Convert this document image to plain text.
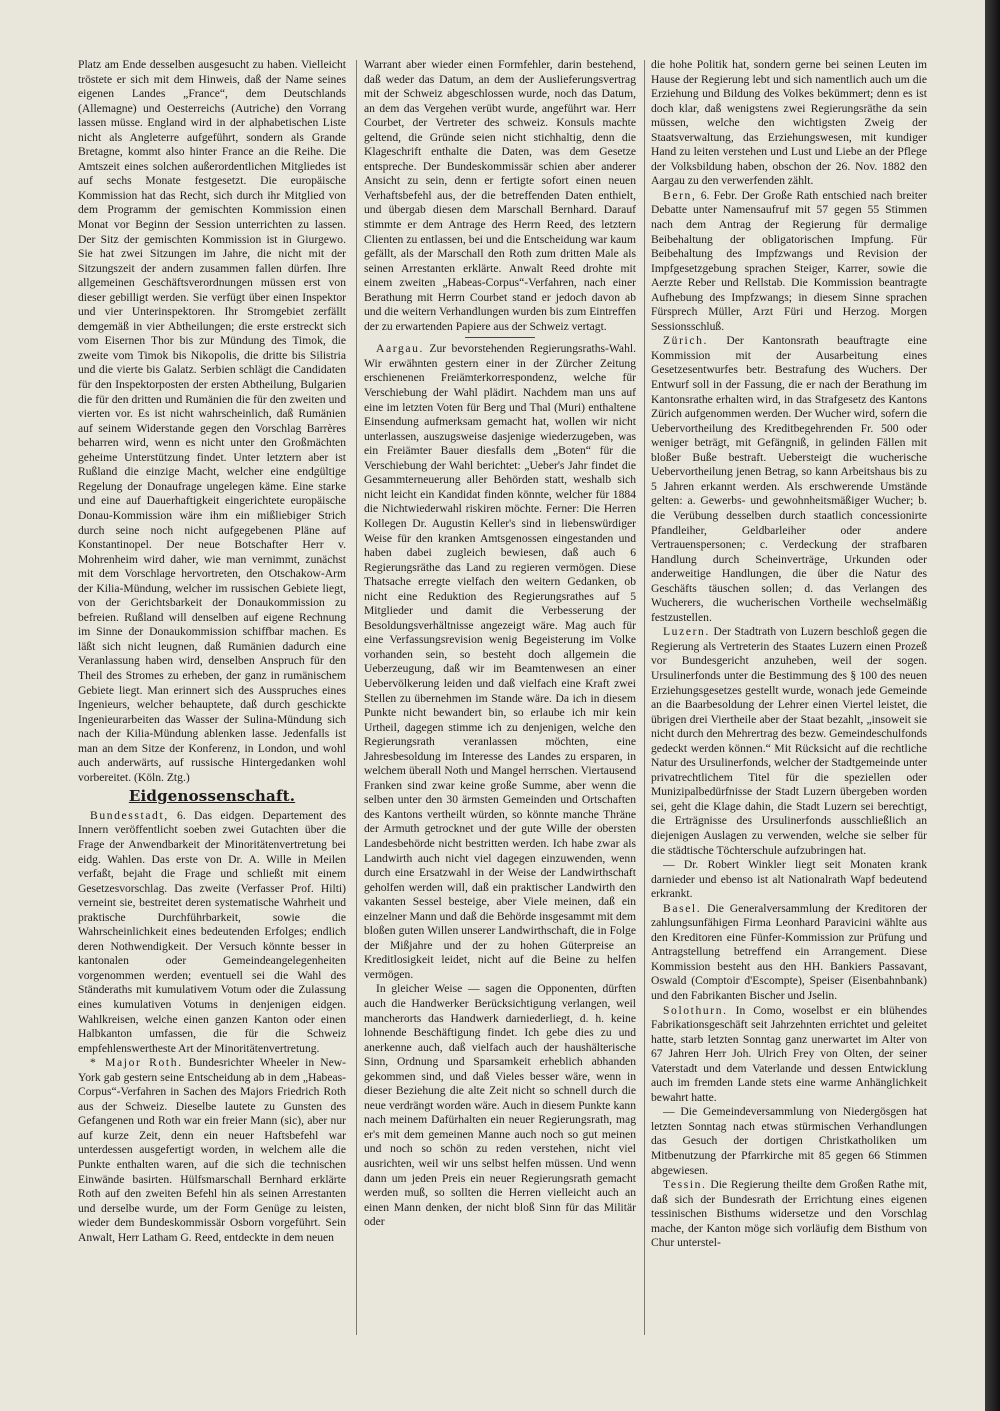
Platz am Ende desselben ausgesucht zu haben. Vielleicht tröstete er sich mit dem Hinweis, daß der Name seines eigenen Landes „France“, dem Deutschlands (Allemagne) und Oesterreichs (Autriche) den Vorrang lassen müsse. England wird in der alphabetischen Liste nicht als Angleterre aufgeführt, sondern als Grande Bretagne, kommt also hinter France an die Reihe. Die Amtszeit eines solchen außerordentlichen Mitgliedes ist auf sechs Monate festgesetzt. Die europäische Kommission hat das Recht, sich durch ihr Mitglied von dem Programm der gemischten Kommission einen Monat vor Beginn der Session unterrichten zu lassen. Der Sitz der gemischten Kommission ist in Giurgewo. Sie hat zwei Sitzungen im Jahre, die nicht mit der Sitzungszeit der andern zusammen fallen dürfen. Ihre allgemeinen Geschäftsverordnungen müssen erst von dieser gebilligt werden. Sie verfügt über einen Inspektor und vier Unterinspektoren. Ihr Stromgebiet zerfällt demgemäß in vier Abtheilungen; die erste erstreckt sich vom Eisernen Thor bis zur Mündung des Timok, die zweite vom Timok bis Nikopolis, die dritte bis Silistria und die vierte bis Galatz. Serbien schlägt die Candidaten für den Inspektorposten der ersten Abtheilung, Bulgarien die für den dritten und Rumänien die für den zweiten und vierten vor. Es ist nicht wahrscheinlich, daß Rumänien auf seinem Widerstande gegen den Vorschlag Barrères beharren wird, wenn es nicht unter den Großmächten geheime Unterstützung findet. Unter letztern aber ist Rußland die einzige Macht, welcher eine endgültige Regelung der Donaufrage ungelegen käme. Eine starke und eine auf Dauerhaftigkeit eingerichtete europäische Donau-Kommission wäre ihm ein mißliebiger Strich durch seine noch nicht aufgegebenen Pläne auf Konstantinopel. Der neue Botschafter Herr v. Mohrenheim wird daher, wie man vernimmt, zunächst mit dem Vorschlage hervortreten, den Otschakow-Arm der Kilia-Mündung, welcher im russischen Gebiete liegt, von der Gerichtsbarkeit der Donaukommission zu befreien. Rußland will denselben auf eigene Rechnung im Sinne der Donaukommission schiffbar machen. Es läßt sich nicht leugnen, daß Rumänien dadurch eine Veranlassung haben wird, denselben Anspruch für den Theil des Stromes zu erheben, der ganz in rumänischem Gebiete liegt. Man erinnert sich des Ausspruches eines Ingenieurs, welcher behauptete, daß durch geschickte Ingenieurarbeiten das Wasser der Sulina-Mündung sich nach der Kilia-Mündung ablenken lasse. Jedenfalls ist man an dem Sitze der Konferenz, in London, und wohl auch anderwärts, auf russische Hintergedanken wohl vorbereitet. (Köln. Ztg.)

Eidgenossenschaft.

Bundesstadt, 6. Das eidgen. Departement des Innern veröffentlicht soeben zwei Gutachten über die Frage der Anwendbarkeit der Minoritätenvertretung bei eidg. Wahlen. Das erste von Dr. A. Wille in Meilen verfaßt, bejaht die Frage und schließt mit einem Gesetzesvorschlag. Das zweite (Verfasser Prof. Hilti) verneint sie, bestreitet deren systematische Wahrheit und praktische Durchführbarkeit, sowie die Wahrscheinlichkeit eines bedeutenden Erfolges; endlich deren Nothwendigkeit. Der Versuch könnte besser in kantonalen oder Gemeindeangelegenheiten vorgenommen werden; eventuell sei die Wahl des Ständeraths mit kumulativem Votum oder die Zulassung eines kumulativen Votums in denjenigen eidgen. Wahlkreisen, welche einen ganzen Kanton oder einen Halbkanton umfassen, die für die Schweiz empfehlenswertheste Art der Minoritätenvertretung.

* Major Roth. Bundesrichter Wheeler in New-York gab gestern seine Entscheidung ab in dem „Habeas-Corpus“-Verfahren in Sachen des Majors Friedrich Roth aus der Schweiz. Dieselbe lautete zu Gunsten des Gefangenen und Roth war ein freier Mann (sic), aber nur auf kurze Zeit, denn ein neuer Haftsbefehl war unterdessen ausgefertigt worden, in welchem alle die Punkte enthalten waren, auf die sich die technischen Einwände basirten. Hülfsmarschall Bernhard erklärte Roth auf den zweiten Befehl hin als seinen Arrestanten und derselbe wurde, um der Form Genüge zu leisten, wieder dem Bundeskommissär Osborn vorgeführt. Sein Anwalt, Herr Latham G. Reed, entdeckte in dem neuen

Warrant aber wieder einen Formfehler, darin bestehend, daß weder das Datum, an dem der Auslieferungsvertrag mit der Schweiz abgeschlossen wurde, noch das Datum, an dem das Vergehen verübt wurde, angeführt war. Herr Courbet, der Vertreter des schweiz. Konsuls machte geltend, die Gründe seien nicht stichhaltig, denn die Klageschrift enthalte die Daten, was dem Gesetze entspreche. Der Bundeskommissär schien aber anderer Ansicht zu sein, denn er fertigte sofort einen neuen Verhaftsbefehl aus, der die betreffenden Daten enthielt, und übergab diesen dem Marschall Bernhard. Darauf stimmte er dem Antrage des Herrn Reed, des letztern Clienten zu entlassen, bei und die Entscheidung war kaum gefällt, als der Marschall den Roth zum dritten Male als seinen Arrestanten erklärte. Anwalt Reed drohte mit einem zweiten „Habeas-Corpus“-Verfahren, nach einer Berathung mit Herrn Courbet stand er jedoch davon ab und die weitern Verhandlungen wurden bis zum Eintreffen der zu erwartenden Papiere aus der Schweiz vertagt.

Aargau. Zur bevorstehenden Regierungsraths-Wahl. Wir erwähnten gestern einer in der Zürcher Zeitung erschienenen Freiämterkorrespondenz, welche für Verschiebung der Wahl plädirt. Nachdem man uns auf eine im letzten Voten für Berg und Thal (Muri) enthaltene Einsendung aufmerksam gemacht hat, wollen wir nicht unterlassen, auszugsweise dasjenige wiederzugeben, was ein Freiämter Bauer diesfalls dem „Boten“ für die Verschiebung der Wahl berichtet: „Ueber's Jahr findet die Gesammterneuerung aller Behörden statt, weshalb sich nicht leicht ein Kandidat finden könnte, welcher für 1884 die Nichtwiederwahl riskiren möchte. Ferner: Die Herren Kollegen Dr. Augustin Keller's sind in liebenswürdiger Weise für den kranken Amtsgenossen eingestanden und haben dabei zugleich bewiesen, daß auch 6 Regierungsräthe das Land zu regieren vermögen. Diese Thatsache erregte vielfach den weitern Gedanken, ob nicht eine Reduktion des Regierungsrathes auf 5 Mitglieder und damit die Verbesserung der Besoldungsverhältnisse angezeigt wäre. Mag auch für eine Verfassungsrevision wenig Begeisterung im Volke vorhanden sein, so besteht doch allgemein die Ueberzeugung, daß wir im Beamtenwesen an einer Uebervölkerung leiden und daß vielfach eine Kraft zwei Stellen zu übernehmen im Stande wäre. Da ich in diesem Punkte nicht bewandert bin, so erlaube ich mir kein Urtheil, dagegen stimme ich zu denjenigen, welche den Regierungsrath veranlassen möchten, eine Jahresbesoldung im Interesse des Landes zu ersparen, in welchem überall Noth und Mangel herrschen. Viertausend Franken sind zwar keine große Summe, aber wenn die selben unter den 30 ärmsten Gemeinden und Ortschaften des Kantons vertheilt würden, so könnte manche Thräne der Armuth getrocknet und der gute Wille der obersten Landesbehörde nicht bestritten werden. Ich habe zwar als Landwirth auch nicht viel dagegen einzuwenden, wenn durch eine Ersatzwahl in der Weise der Landwirthschaft geholfen werden will, daß ein praktischer Landwirth den vakanten Sessel besteige, aber Viele meinen, daß ein einzelner Mann und daß die Behörde insgesammt mit dem bloßen guten Willen unserer Landwirthschaft, die in Folge der Mißjahre und der zu hohen Güterpreise an Kreditlosigkeit leidet, nicht auf die Beine zu helfen vermögen.

In gleicher Weise — sagen die Opponenten, dürften auch die Handwerker Berücksichtigung verlangen, weil mancherorts das Handwerk darniederliegt, d. h. keine lohnende Beschäftigung findet. Ich gebe dies zu und anerkenne auch, daß vielfach auch der haushälterische Sinn, Ordnung und Sparsamkeit erheblich abhanden gekommen sind, und daß Vieles besser wäre, wenn in dieser Beziehung die alte Zeit nicht so schnell durch die neue verdrängt worden wäre. Auch in diesem Punkte kann nach meinem Dafürhalten ein neuer Regierungsrath, mag er's mit dem gemeinen Manne auch noch so gut meinen und noch so schön zu reden verstehen, nicht viel ausrichten, weil wir uns selbst helfen müssen. Und wenn dann um jeden Preis ein neuer Regierungsrath gemacht werden muß, so sollten die Herren vielleicht auch an einen Mann denken, der nicht bloß Sinn für das Militär oder

die hohe Politik hat, sondern gerne bei seinen Leuten im Hause der Regierung lebt und sich namentlich auch um die Erziehung und Bildung des Volkes bekümmert; denn es ist doch klar, daß wenigstens zwei Regierungsräthe da sein müssen, welche den wichtigsten Zweig der Staatsverwaltung, das Erziehungswesen, mit kundiger Hand zu leiten verstehen und Lust und Liebe an der Pflege der Volksbildung haben, obschon der 26. Nov. 1882 den Aargau zu den verwerfenden zählt.

Bern, 6. Febr. Der Große Rath entschied nach breiter Debatte unter Namensaufruf mit 57 gegen 55 Stimmen nach dem Antrag der Regierung für dermalige Beibehaltung der obligatorischen Impfung. Für Beibehaltung des Impfzwangs und Revision der Impfgesetzgebung sprachen Steiger, Karrer, sowie die Aerzte Reber und Rellstab. Die Kommission beantragte Aufhebung des Impfzwangs; in diesem Sinne sprachen Fürsprech Müller, Arzt Füri und Herzog. Morgen Sessionsschluß.

Zürich. Der Kantonsrath beauftragte eine Kommission mit der Ausarbeitung eines Gesetzesentwurfes betr. Bestrafung des Wuchers. Der Entwurf soll in der Fassung, die er nach der Berathung im Kantonsrathe erhalten wird, in das Strafgesetz des Kantons Zürich aufgenommen werden. Der Wucher wird, sofern die Uebervortheilung des Kreditbegehrenden Fr. 500 oder weniger beträgt, mit Gefängniß, in gelinden Fällen mit bloßer Buße bestraft. Uebersteigt die wucherische Uebervortheilung jenen Betrag, so kann Arbeitshaus bis zu 5 Jahren erkannt werden. Als erschwerende Umstände gelten: a. Gewerbs- und gewohnheitsmäßiger Wucher; b. die Verübung desselben durch staatlich concessionirte Pfandleiher, Geldbarleiher oder andere Vertrauenspersonen; c. Verdeckung der strafbaren Handlung durch Scheinverträge, Urkunden oder anderweitige Handlungen, die über die Natur des Geschäfts täuschen sollen; d. das Verlangen des Wucherers, die wucherischen Vortheile wechselmäßig festzustellen.

Luzern. Der Stadtrath von Luzern beschloß gegen die Regierung als Vertreterin des Staates Luzern einen Prozeß vor Bundesgericht anzuheben, weil der sogen. Ursulinerfonds unter die Bestimmung des § 100 des neuen Erziehungsgesetzes gestellt wurde, wonach jede Gemeinde an die Baarbesoldung der Lehrer einen Viertel leistet, die übrigen drei Viertheile aber der Staat bezahlt, „insoweit sie nicht durch den Mehrertrag des bezw. Gemeindeschulfonds gedeckt werden können.“ Mit Rücksicht auf die rechtliche Natur des Ursulinerfonds, welcher der Stadtgemeinde unter privatrechtlichem Titel für die speziellen oder Munizipalbedürfnisse der Stadt Luzern übergeben worden sei, geht die Klage dahin, die Stadt Luzern sei berechtigt, die Erträgnisse des Ursulinerfonds ausschließlich an diejenigen Auslagen zu verwenden, welche sie selber für die städtische Töchterschule aufzubringen hat.

— Dr. Robert Winkler liegt seit Monaten krank darnieder und ebenso ist alt Nationalrath Wapf bedeutend erkrankt.

Basel. Die Generalversammlung der Kreditoren der zahlungsunfähigen Firma Leonhard Paravicini wählte aus den Kreditoren eine Fünfer-Kommission zur Prüfung und Antragstellung betreffend ein Arrangement. Diese Kommission besteht aus den HH. Bankiers Passavant, Oswald (Comptoir d'Escompte), Speiser (Eisenbahnbank) und den Fabrikanten Bischer und Jselin.

Solothurn. In Como, woselbst er ein blühendes Fabrikationsgeschäft seit Jahrzehnten errichtet und geleitet hatte, starb letzten Sonntag ganz unerwartet im Alter von 67 Jahren Herr Joh. Ulrich Frey von Olten, der seiner Vaterstadt und dem Vaterlande und dessen Entwicklung auch im fremden Lande stets eine warme Anhänglichkeit bewahrt hatte.

— Die Gemeindeversammlung von Niedergösgen hat letzten Sonntag nach etwas stürmischen Verhandlungen das Gesuch der dortigen Christkatholiken um Mitbenutzung der Pfarrkirche mit 85 gegen 66 Stimmen abgewiesen.

Tessin. Die Regierung theilte dem Großen Rathe mit, daß sich der Bundesrath der Errichtung eines eigenen tessinischen Bisthums widersetze und den Vorschlag mache, der Kanton möge sich vorläufig dem Bisthum von Chur unterstel-
